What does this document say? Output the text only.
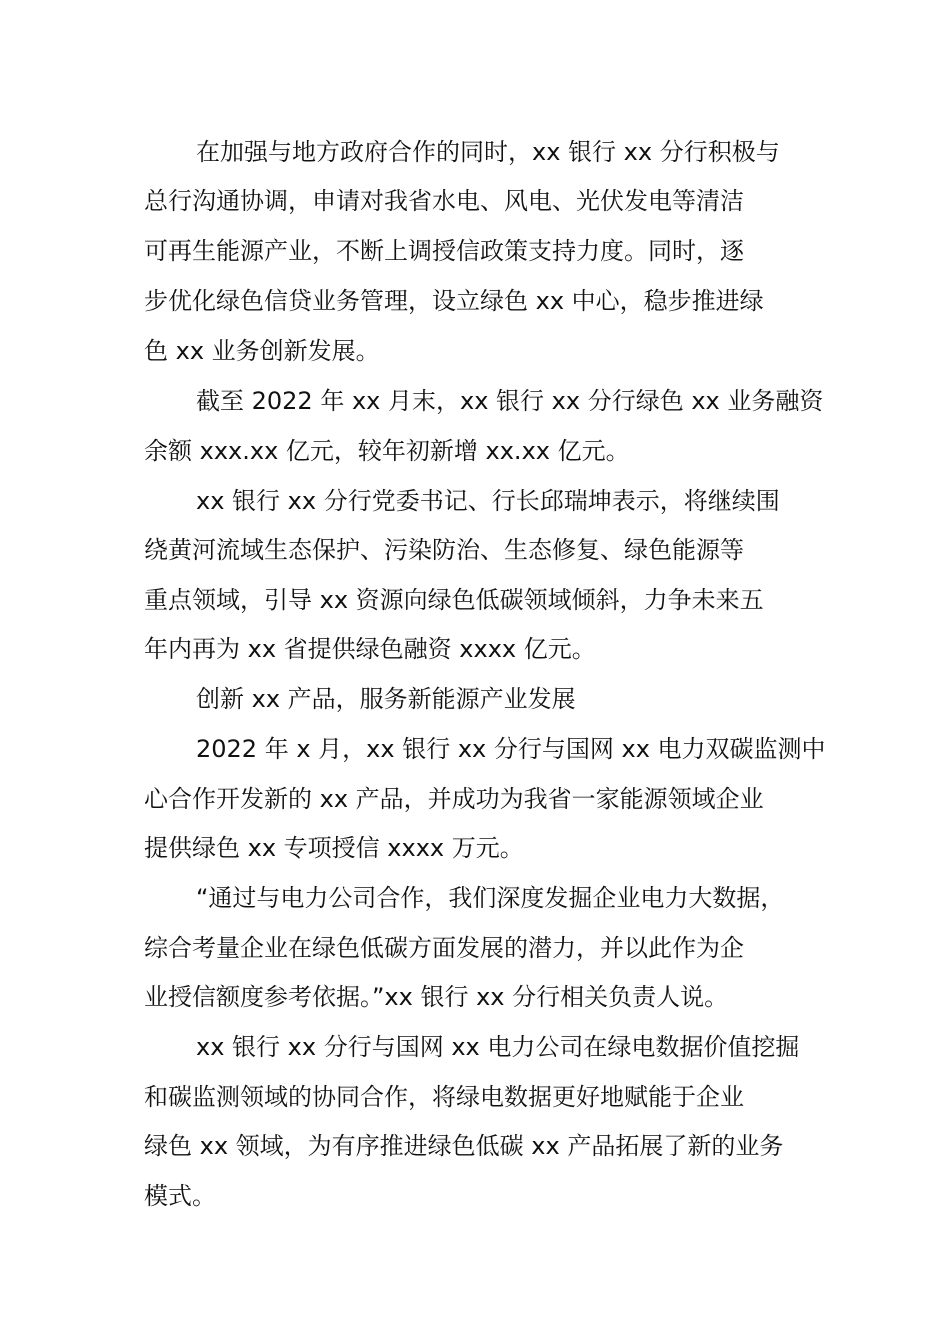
在加强与地方政府合作的同时，xx 银行 xx 分行积极与
总行沟通协调，申请对我省水电、风电、光伏发电等清洁
可再生能源产业，不断上调授信政策支持力度。同时，逐
步优化绿色信贷业务管理，设立绿色 xx 中心，稳步推进绿
色 xx 业务创新发展。
截至 2022 年 xx 月末，xx 银行 xx 分行绿色 xx 业务融资
余额 xxx.xx 亿元，较年初新增 xx.xx 亿元。
xx 银行 xx 分行党委书记、行长邱瑞坤表示，将继续围
绕黄河流域生态保护、污染防治、生态修复、绿色能源等
重点领域，引导 xx 资源向绿色低碳领域倾斜，力争未来五
年内再为 xx 省提供绿色融资 xxxx 亿元。
创新 xx 产品，服务新能源产业发展
2022 年 x 月，xx 银行 xx 分行与国网 xx 电力双碳监测中
心合作开发新的 xx 产品，并成功为我省一家能源领域企业
提供绿色 xx 专项授信 xxxx 万元。
“通过与电力公司合作，我们深度发掘企业电力大数据，
综合考量企业在绿色低碳方面发展的潜力，并以此作为企
业授信额度参考依据。”xx 银行 xx 分行相关负责人说。
xx 银行 xx 分行与国网 xx 电力公司在绿电数据价值挖掘
和碳监测领域的协同合作，将绿电数据更好地赋能于企业
绿色 xx 领域，为有序推进绿色低碳 xx 产品拓展了新的业务
模式。
